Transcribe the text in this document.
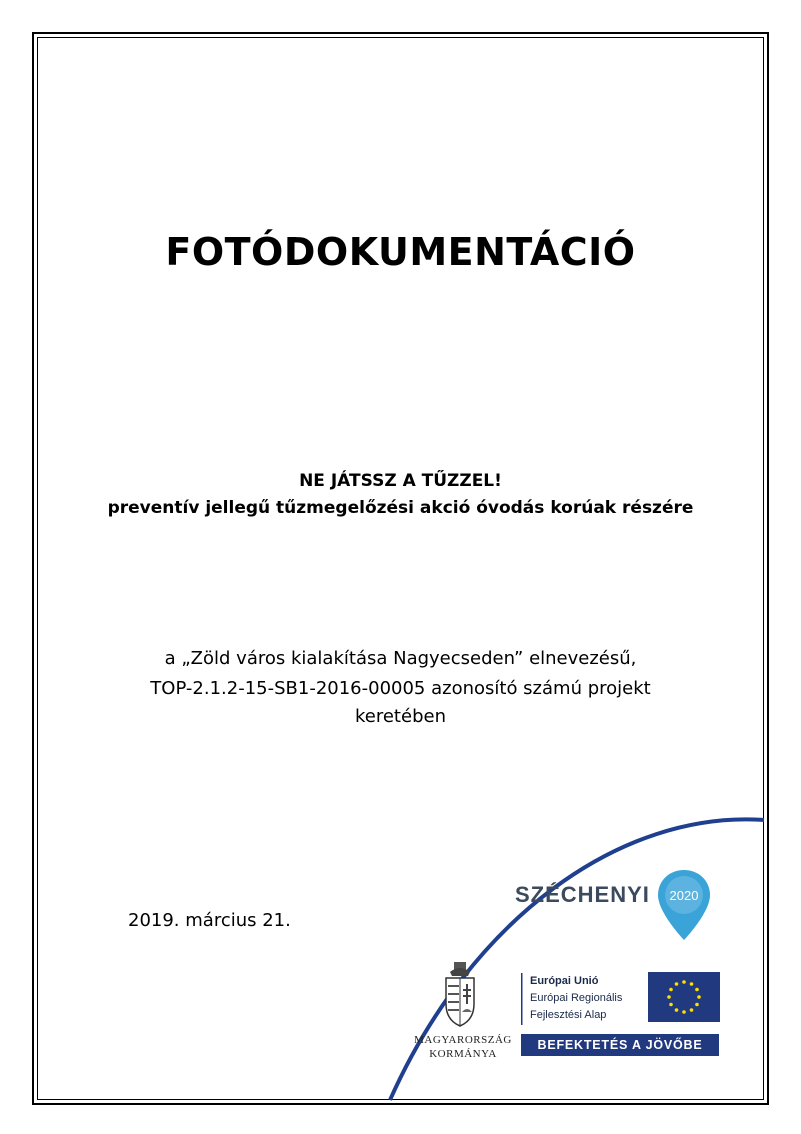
FOTÓDOKUMENTÁCIÓ
NE JÁTSSZ A TŰZZEL!
preventív jellegű tűzmegelőzési akció óvodás korúak részére
a „Zöld város kialakítása Nagyecseden” elnevezésű,
TOP-2.1.2-15-SB1-2016-00005 azonosító számú projekt
keretében
2019. március 21.
SZÉCHENYI 2020
MAGYARORSZÁG
KORMÁNYA
Európai Unió
Európai Regionális
Fejlesztési Alap
BEFEKTETÉS A JÖVŐBE
